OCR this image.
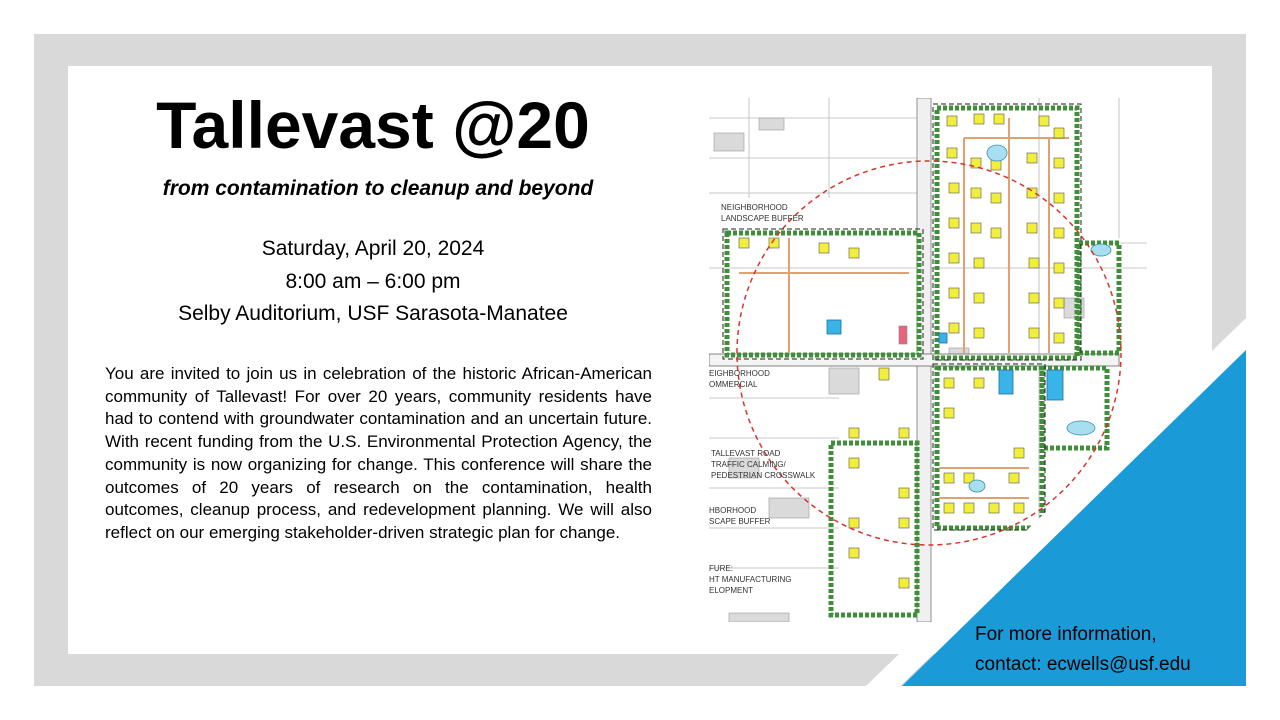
Tallevast @20
from contamination to cleanup and beyond
Saturday, April 20, 2024
8:00 am – 6:00 pm
Selby Auditorium, USF Sarasota-Manatee

You are invited to join us in celebration of the historic African-American community of Tallevast! For over 20 years, community residents have had to contend with groundwater contamination and an uncertain future. With recent funding from the U.S. Environmental Protection Agency, the community is now organizing for change. This conference will share the outcomes of 20 years of research on the contamination, health outcomes, cleanup process, and redevelopment planning. We will also reflect on our emerging stakeholder-driven strategic plan for change.

NEIGHBORHOOD
LANDSCAPE BUFFER
EIGHBORHOOD
OMMERCIAL
TALLEVAST ROAD
TRAFFIC CALMING/
PEDESTRIAN CROSSWALK
HBORHOOD
SCAPE BUFFER
FURE:
HT MANUFACTURING
ELOPMENT
For more information,
contact: ecwells@usf.edu
